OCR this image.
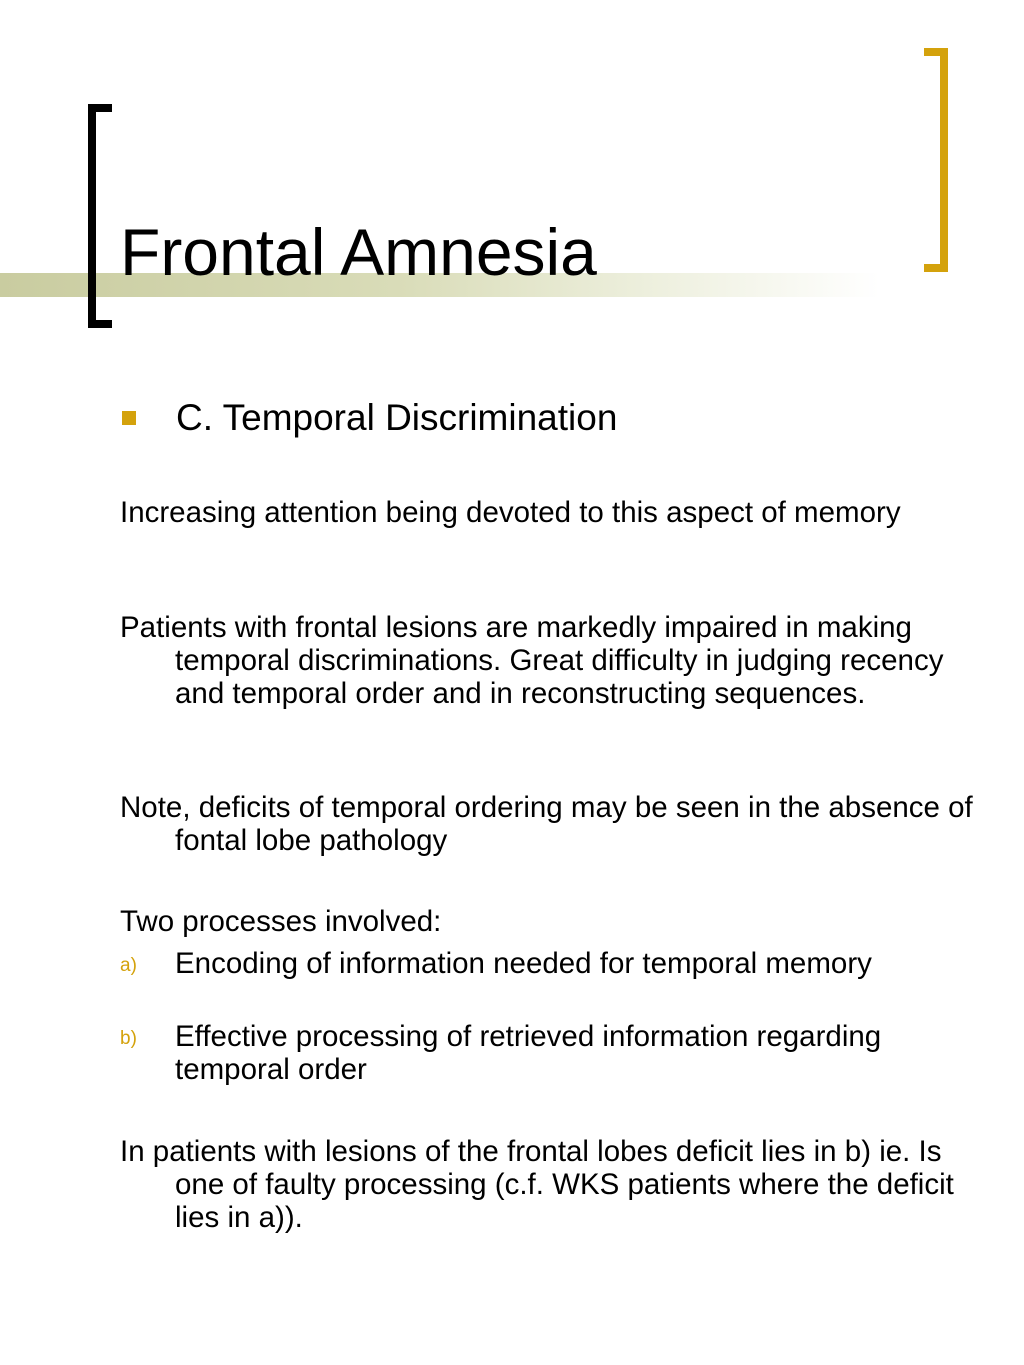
Frontal Amnesia
C. Temporal Discrimination
Increasing attention being devoted to this aspect of memory
Patients with frontal lesions are markedly impaired in making temporal discriminations. Great difficulty in judging recency and temporal order and in reconstructing sequences.
Note, deficits of temporal ordering may be seen in the absence of fontal lobe pathology
Two processes involved:
a) Encoding of information needed for temporal memory
b) Effective processing of retrieved information regarding temporal order
In patients with lesions of the frontal lobes deficit lies in b) ie. Is one of faulty processing (c.f. WKS patients where the deficit lies in a)).
